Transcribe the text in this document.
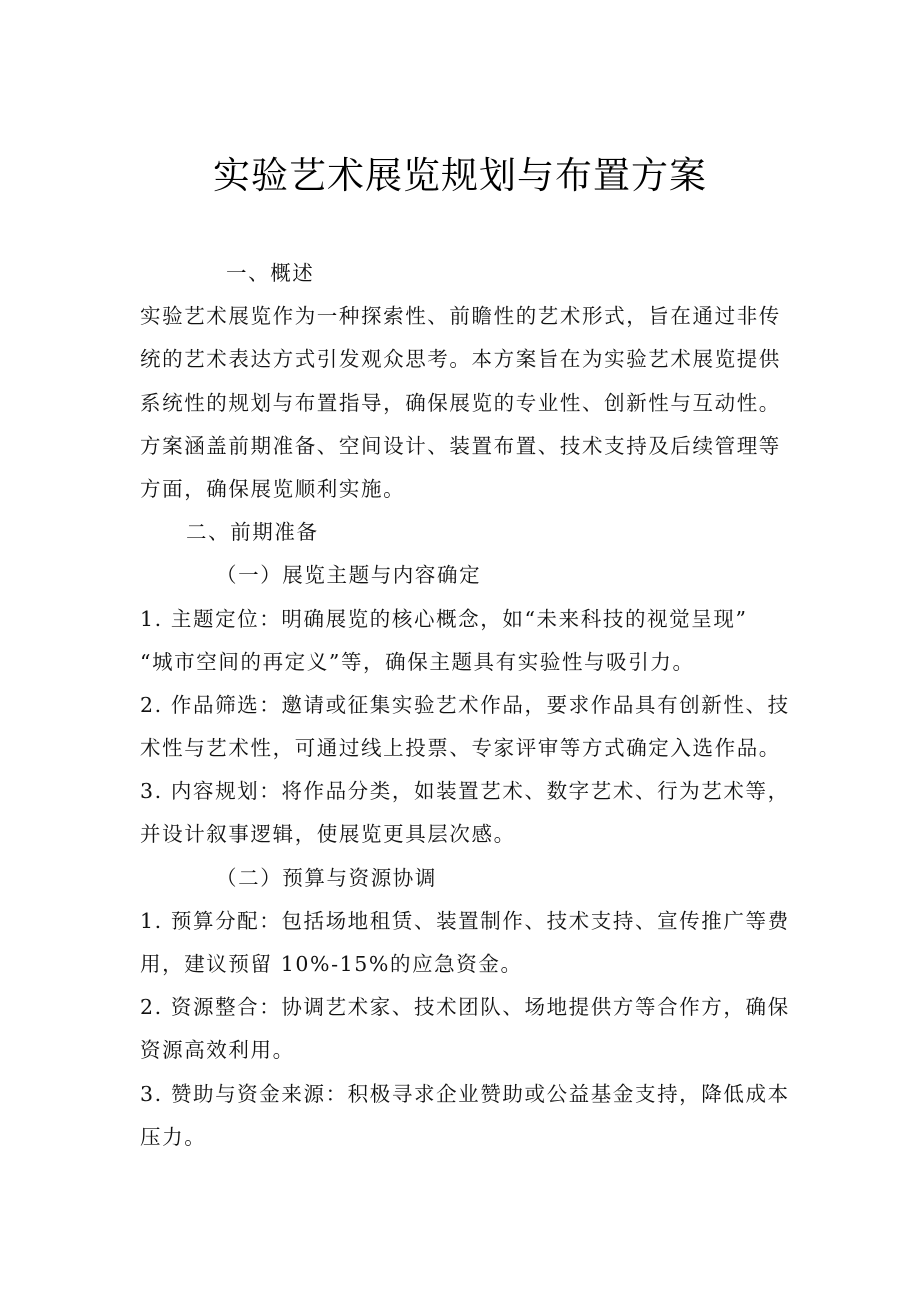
实验艺术展览规划与布置方案
一、概述
实验艺术展览作为一种探索性、前瞻性的艺术形式，旨在通过非传
统的艺术表达方式引发观众思考。本方案旨在为实验艺术展览提供
系统性的规划与布置指导，确保展览的专业性、创新性与互动性。
方案涵盖前期准备、空间设计、装置布置、技术支持及后续管理等
方面，确保展览顺利实施。
二、前期准备
（一）展览主题与内容确定
1. 主题定位：明确展览的核心概念，如“未来科技的视觉呈现”
“城市空间的再定义”等，确保主题具有实验性与吸引力。
2. 作品筛选：邀请或征集实验艺术作品，要求作品具有创新性、技
术性与艺术性，可通过线上投票、专家评审等方式确定入选作品。
3. 内容规划：将作品分类，如装置艺术、数字艺术、行为艺术等，
并设计叙事逻辑，使展览更具层次感。
（二）预算与资源协调
1. 预算分配：包括场地租赁、装置制作、技术支持、宣传推广等费
用，建议预留 10%-15%的应急资金。
2. 资源整合：协调艺术家、技术团队、场地提供方等合作方，确保
资源高效利用。
3. 赞助与资金来源：积极寻求企业赞助或公益基金支持，降低成本
压力。
